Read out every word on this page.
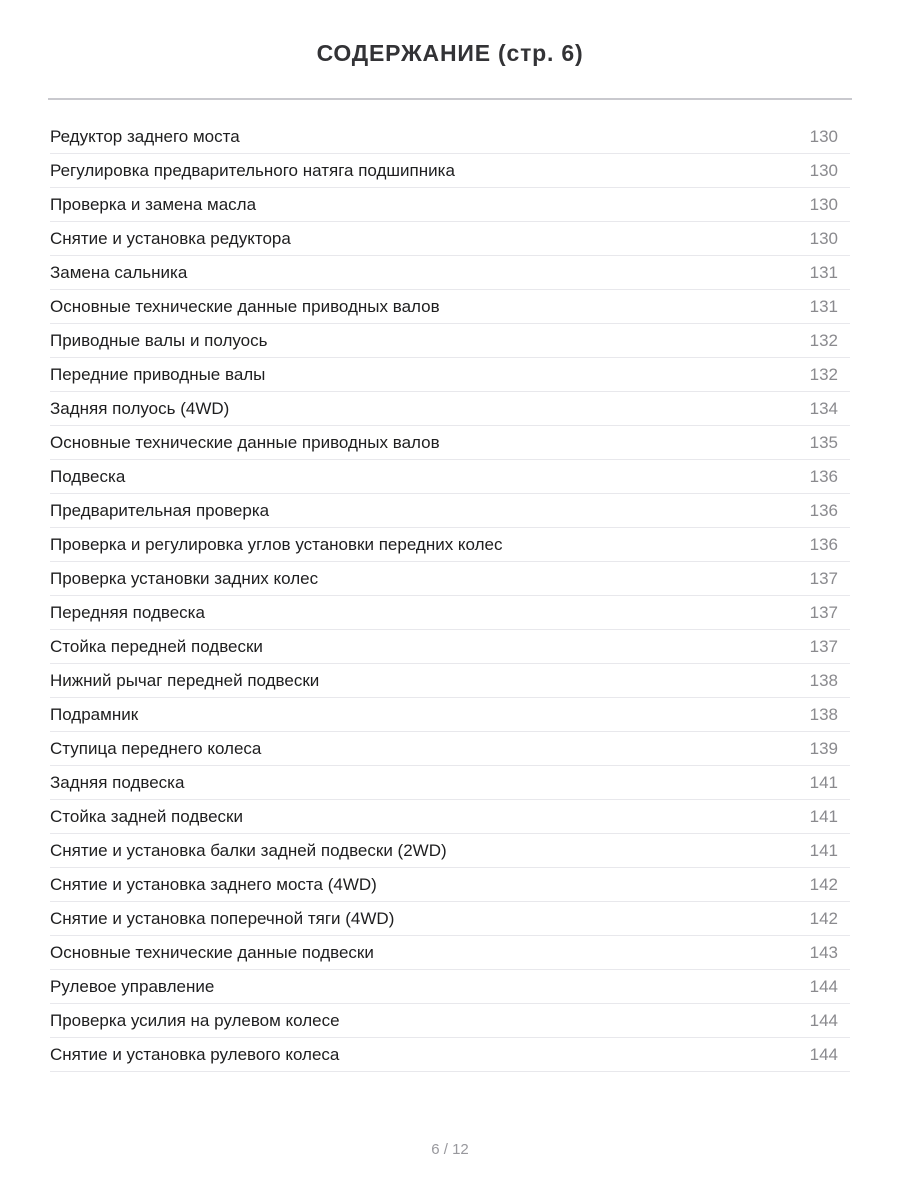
СОДЕРЖАНИЕ (стр. 6)
Редуктор заднего моста	130
Регулировка предварительного натяга подшипника	130
Проверка и замена масла	130
Снятие и установка редуктора	130
Замена сальника	131
Основные технические данные приводных валов	131
Приводные валы и полуось	132
Передние приводные валы	132
Задняя полуось (4WD)	134
Основные технические данные приводных валов	135
Подвеска	136
Предварительная проверка	136
Проверка и регулировка углов установки передних колес	136
Проверка установки задних колес	137
Передняя подвеска	137
Стойка передней подвески	137
Нижний рычаг передней подвески	138
Подрамник	138
Ступица переднего колеса	139
Задняя подвеска	141
Стойка задней подвески	141
Снятие и установка балки задней подвески (2WD)	141
Снятие и установка заднего моста (4WD)	142
Снятие и установка поперечной тяги (4WD)	142
Основные технические данные подвески	143
Рулевое управление	144
Проверка усилия на рулевом колесе	144
Снятие и установка рулевого колеса	144
6 / 12
